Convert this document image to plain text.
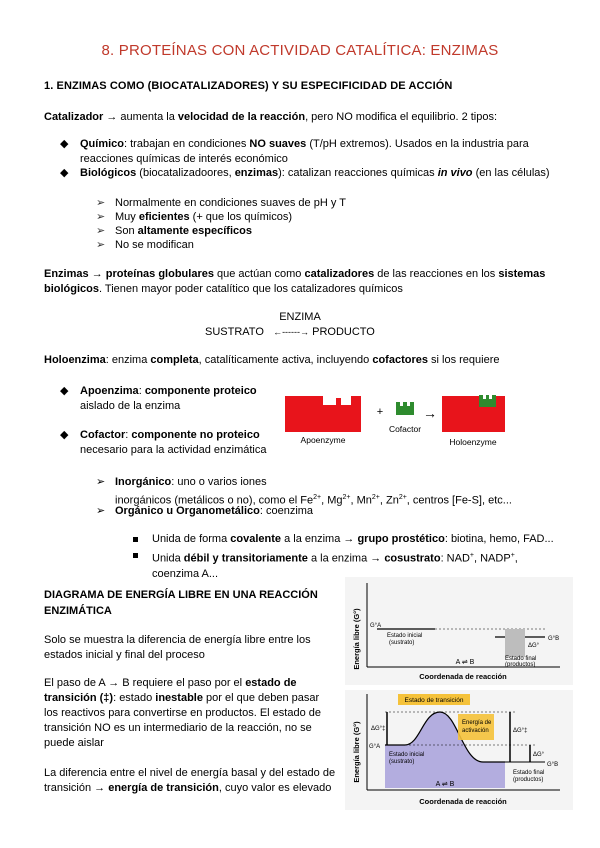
8. PROTEÍNAS CON ACTIVIDAD CATALÍTICA: ENZIMAS
1. ENZIMAS COMO (BIOCATALIZADORES) Y SU ESPECIFICIDAD DE ACCIÓN
Catalizador → aumenta la velocidad de la reacción, pero NO modifica el equilibrio. 2 tipos:
◆ Químico: trabajan en condiciones NO suaves (T/pH extremos). Usados en la industria para
reacciones químicas de interés económico
◆ Biológicos (biocatalizadoores, enzimas): catalizan reacciones químicas in vivo (en las células)
➢ Normalmente en condiciones suaves de pH y T
➢ Muy eficientes (+ que los químicos)
➢ Son altamente específicos
➢ No se modifican
Enzimas → proteínas globulares que actúan como catalizadores de las reacciones en los sistemas
biológicos. Tienen mayor poder catalítico que los catalizadores químicos
ENZIMA
SUSTRATO ←------→ PRODUCTO
Holoenzima: enzima completa, catalíticamente activa, incluyendo cofactores si los requiere
◆ Apoenzima: componente proteico
aislado de la enzima
◆ Cofactor: componente no proteico
necesario para la actividad enzimática
Apoenzyme
+
Cofactor
→
Holoenzyme
➢ Inorgánico: uno o varios iones
inorgánicos (metálicos o no), como el $Fe^{2+}$, $Mg^{2+}$, $Mn^{2+}$, $Zn^{2+}$, centros [Fe-S], etc...
➢ Orgánico u Organometálico: coenzima
Unida de forma covalente a la enzima → grupo prostético: biotina, hemo, FAD...
Unida débil y transitoriamente a la enzima → cosustrato: NAD+, NADP+,
coenzima A...
DIAGRAMA DE ENERGÍA LIBRE EN UNA REACCIÓN
ENZIMÁTICA
Solo se muestra la diferencia de energía libre entre los
estados inicial y final del proceso
El paso de A → B requiere el paso por el estado de
transición (‡): estado inestable por el que deben pasar
los reactivos para convertirse en productos. El estado de
transición NO es un intermediario de la reacción, no se
puede aislar
La diferencia entre el nivel de energía basal y del estado de
transición → energía de transición, cuyo valor es elevado
Energía libre (G°) G°A
G°B
ΔG°
Estado inicial
(sustrato)
Estado final
(productos)
A ⇌ B
Coordenada de reacción
Energía libre (G°)
Estado de transición
Energía de
activación
ΔG°‡	ΔG°‡
ΔG°
G°A
G°B
Estado inicial
(sustrato)
Estado final
(productos)
A ⇌ B
Coordenada de reacción
